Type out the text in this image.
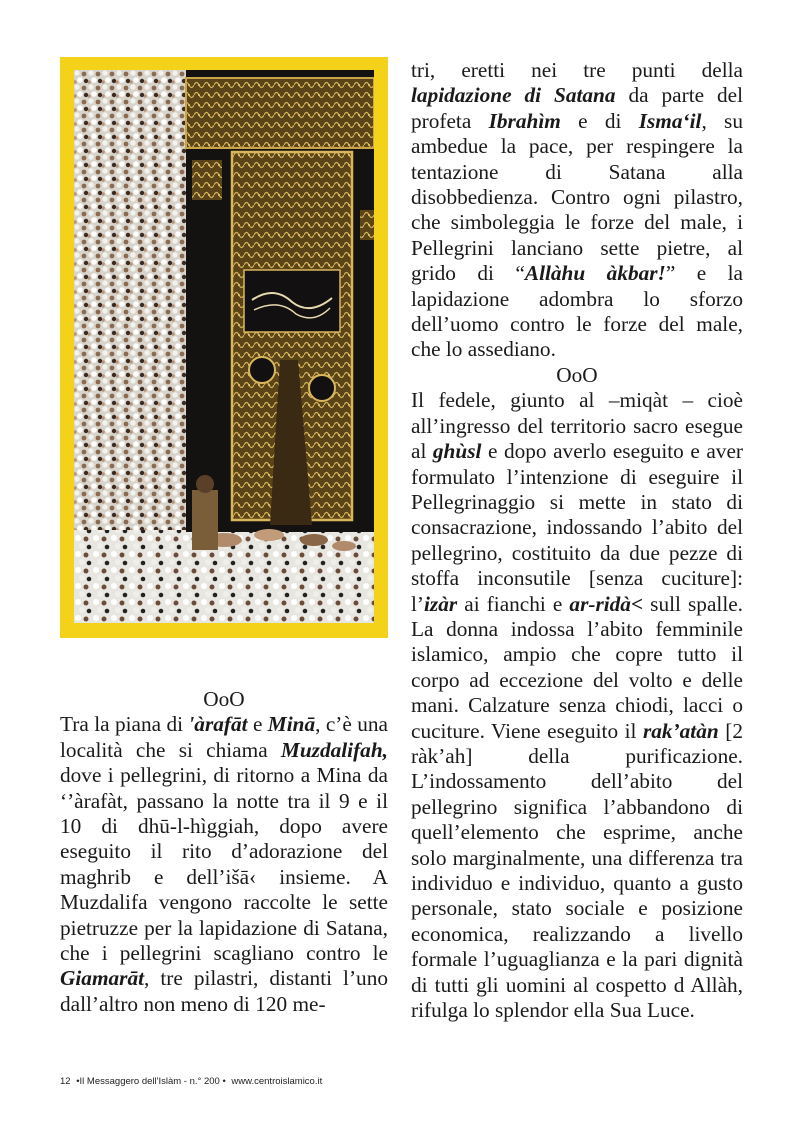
tri, eretti nei tre punti della lapidazione di Satana da parte del profeta Ibrahìm e di Isma‘il, su ambedue la pace, per respingere la tentazione di Satana alla disobbedienza. Contro ogni pilastro, che simboleggia le forze del male, i Pellegrini lanciano sette pietre, al grido di “Allàhu àkbar!” e la lapidazione adombra lo sforzo dell’uomo contro le forze del male, che lo assediano.

OoO

Il fedele, giunto al –miqàt – cioè all’ingresso del territorio sacro esegue al ghùsl e dopo averlo eseguito e aver formulato l’intenzione di eseguire il Pellegrinaggio si mette in stato di consacrazione, indossando l’abito del pellegrino, costituito da due pezze di stoffa inconsutile [senza cuciture]: l’izàr ai fianchi e ar-ridà< sull spalle. La donna indossa l’abito femminile islamico, ampio che copre tutto il corpo ad eccezione del volto e delle mani. Calzature senza chiodi, lacci o cuciture. Viene eseguito il rak’atàn [2 ràk’ah] della purificazione. L’indossamento dell’abito del pellegrino significa l’abbandono di quell’elemento che esprime, anche solo marginalmente, una differenza tra individuo e individuo, quanto a gusto personale, stato sociale e posizione economica, realizzando a livello formale l’uguaglianza e la pari dignità di tutti gli uomini al cospetto d Allàh, rifulga lo splendor ella Sua Luce.

OoO

Tra la piana di 'àrafāt e Minā, c’è una località che si chiama Muzdalifah, dove i pellegrini, di ritorno a Mina da ‘’àrafàt, passano la notte tra il 9 e il 10 di dhū-l-hìggiah, dopo avere eseguito il rito d’adorazione del maghrib e dell’išā‹ insieme. A Muzdalifa vengono raccolte le sette pietruzze per la lapidazione di Satana, che i pellegrini scagliano contro le Giamarāt, tre pilastri, distanti l’uno dall’altro non meno di 120 me-

12 •Il Messaggero dell'Islàm - n.° 200 • www.centroislamico.it
